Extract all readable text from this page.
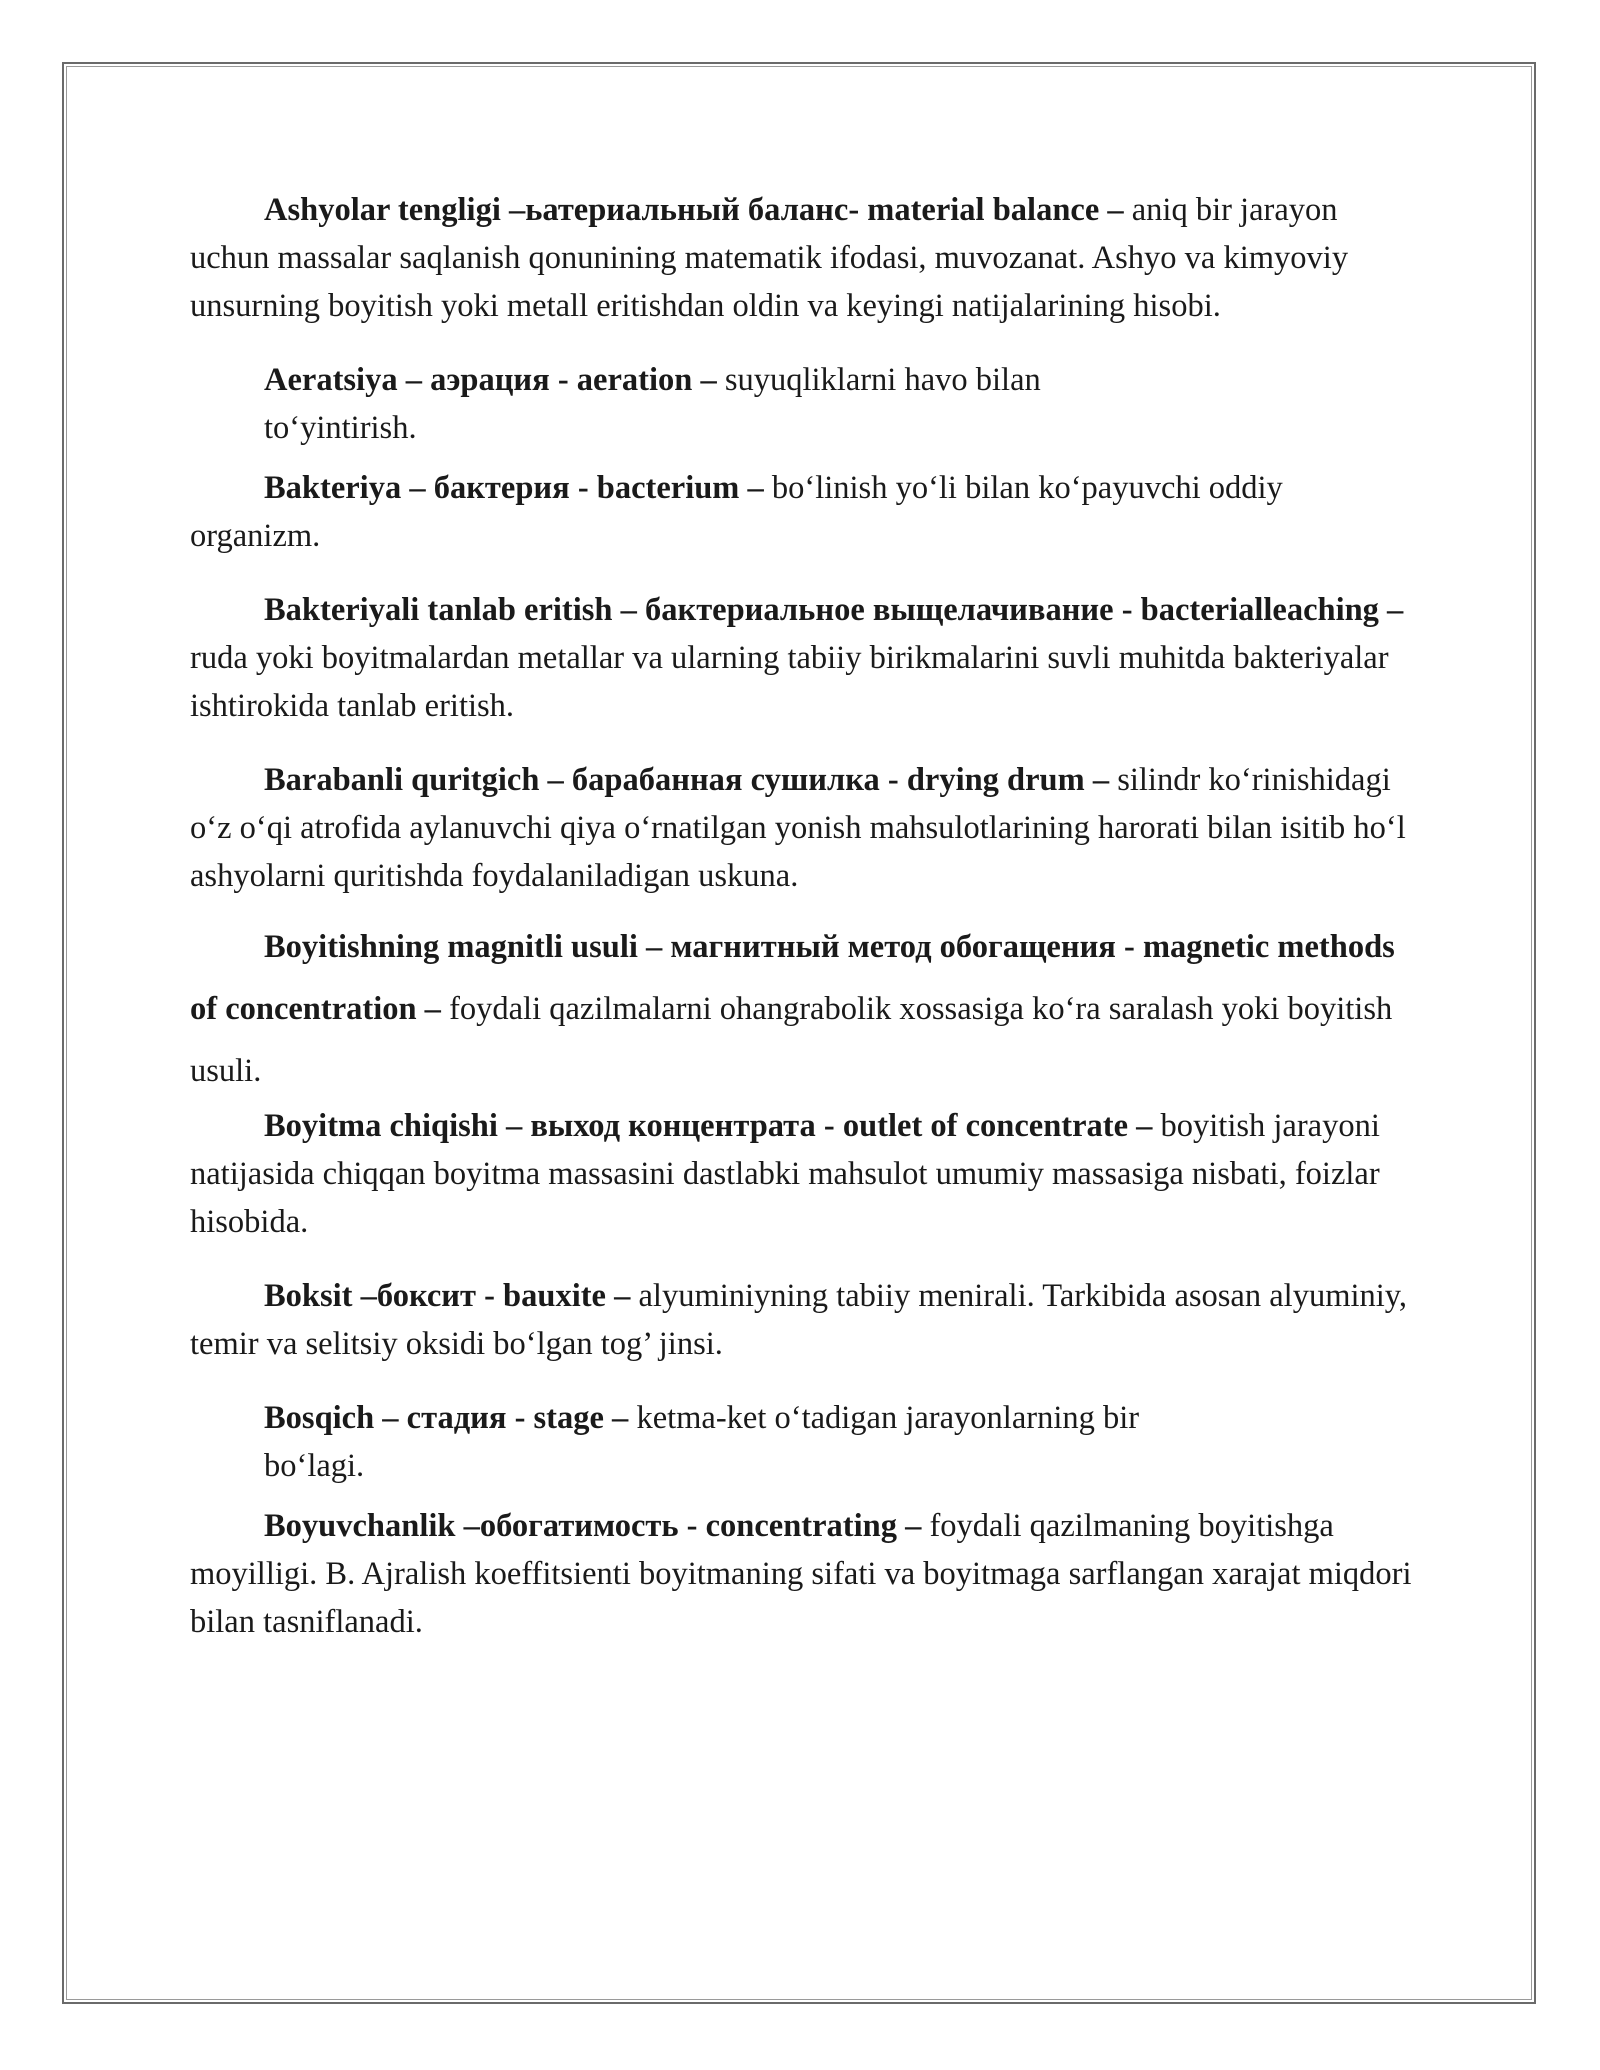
Ashyolar tengligi –ьатериальный баланс- material balance – aniq bir jarayon uchun massalar saqlanish qonunining matematik ifodasi, muvozanat. Ashyo va kimyoviy unsurning boyitish yoki metall eritishdan oldin va keyingi natijalarining hisobi.

Aeratsiya – аэрация - aeration – suyuqliklarni havo bilan to‘yintirish.

Bakteriya – бактерия - bacterium – bo‘linish yo‘li bilan ko‘payuvchi oddiy organizm.

Bakteriyali tanlab eritish – бактериальное выщелачивание - bacterialleaching – ruda yoki boyitmalardan metallar va ularning tabiiy birikmalarini suvli muhitda bakteriyalar ishtirokida tanlab eritish.

Barabanli quritgich – барабанная сушилка - drying drum – silindr ko‘rinishidagi o‘z o‘qi atrofida aylanuvchi qiya o‘rnatilgan yonish mahsulotlarining harorati bilan isitib ho‘l ashyolarni quritishda foydalaniladigan uskuna.

Boyitishning magnitli usuli – магнитный метод обогащения - magnetic methods of concentration – foydali qazilmalarni ohangrabolik xossasiga ko‘ra saralash yoki boyitish usuli.

Boyitma chiqishi – выход концентрата - outlet of concentrate – boyitish jarayoni natijasida chiqqan boyitma massasini dastlabki mahsulot umumiy massasiga nisbati, foizlar hisobida.

Boksit –боксит - bauxite – alyuminiyning tabiiy menirali. Tarkibida asosan alyuminiy, temir va selitsiy oksidi bo‘lgan tog’ jinsi.

Bosqich – стадия - stage – ketma-ket o‘tadigan jarayonlarning bir bo‘lagi.

Boyuvchanlik –обогатимость - concentrating – foydali qazilmaning boyitishga moyilligi. B. Ajralish koeffitsienti boyitmaning sifati va boyitmaga sarflangan xarajat miqdori bilan tasniflanadi.
